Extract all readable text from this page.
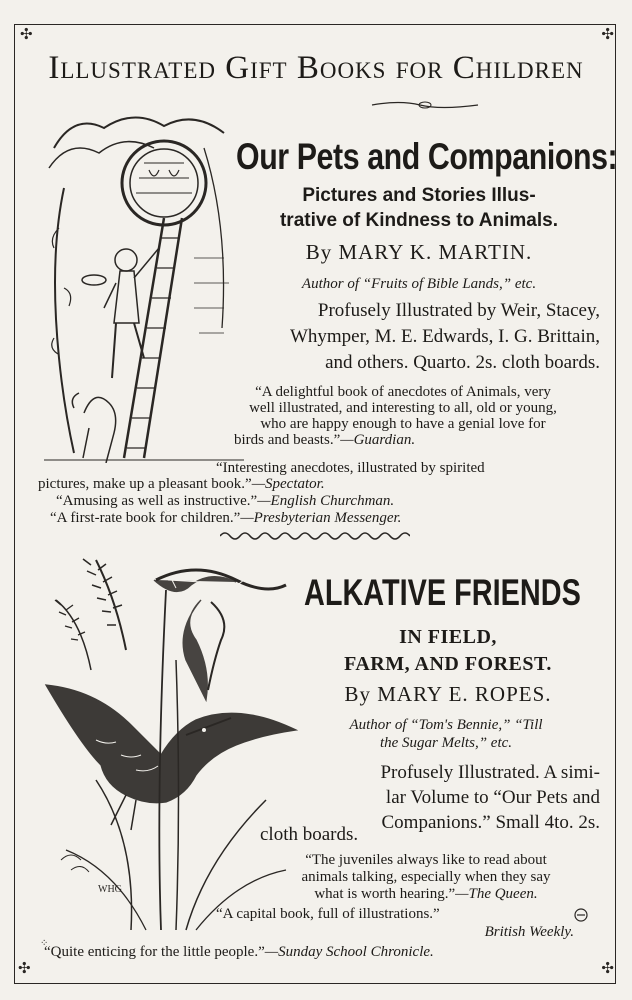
✣	✣
✣	✣
Illustrated Gift Books for Children
Our Pets and Companions:
Pictures and Stories Illus-
trative of Kindness to Animals.
By MARY K. MARTIN.
Author of “Fruits of Bible Lands,” etc.
Profusely Illustrated by Weir, Stacey,
Whymper, M. E. Edwards, I. G. Brittain,
and others. Quarto. 2s. cloth boards.
“A delightful book of anecdotes of Animals, very
well illustrated, and interesting to all, old or young,
who are happy enough to have a genial love for
birds and beasts.”—Guardian.
“Interesting anecdotes, illustrated by spirited
pictures, make up a pleasant book.”—Spectator.
“Amusing as well as instructive.”—English Churchman.
“A first-rate book for children.”—Presbyterian Messenger.
WHG
ALKATIVE FRIENDS
IN FIELD,
FARM, AND FOREST.
By MARY E. ROPES.
Author of “Tom's Bennie,” “Till
the Sugar Melts,” etc.
Profusely Illustrated. A simi-
lar Volume to “Our Pets and
Companions.” Small 4to. 2s.
cloth boards.
“The juveniles always like to read about
animals talking, especially when they say
what is worth hearing.”—The Queen.
“A capital book, full of illustrations.”
British Weekly.
⁘
“Quite enticing for the little people.”—Sunday School Chronicle.
